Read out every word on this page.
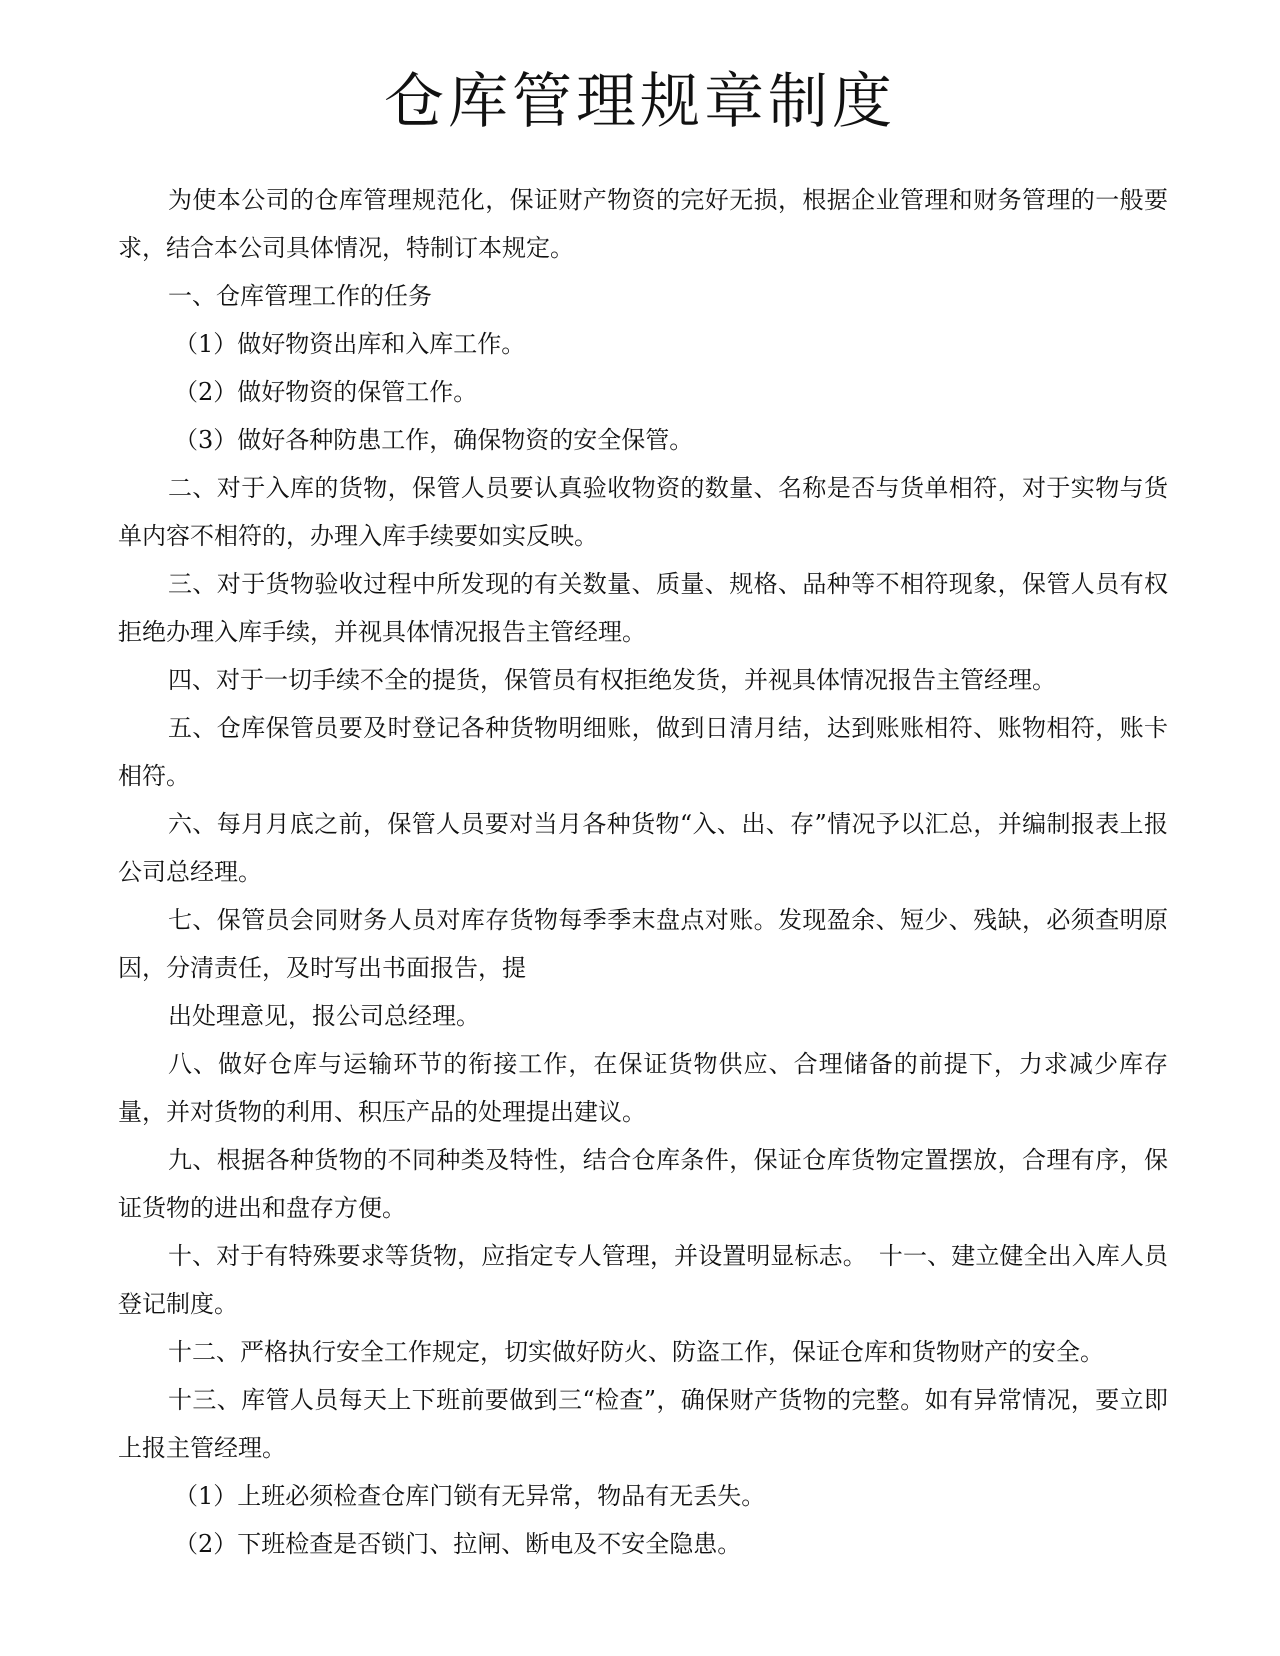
仓库管理规章制度

为使本公司的仓库管理规范化，保证财产物资的完好无损，根据企业管理和财务管理的一般要求，结合本公司具体情况，特制订本规定。

一、仓库管理工作的任务

（1）做好物资出库和入库工作。

（2）做好物资的保管工作。

（3）做好各种防患工作，确保物资的安全保管。

二、对于入库的货物，保管人员要认真验收物资的数量、名称是否与货单相符，对于实物与货单内容不相符的，办理入库手续要如实反映。

三、对于货物验收过程中所发现的有关数量、质量、规格、品种等不相符现象，保管人员有权拒绝办理入库手续，并视具体情况报告主管经理。

四、对于一切手续不全的提货，保管员有权拒绝发货，并视具体情况报告主管经理。

五、仓库保管员要及时登记各种货物明细账，做到日清月结，达到账账相符、账物相符，账卡相符。

六、每月月底之前，保管人员要对当月各种货物“入、出、存”情况予以汇总，并编制报表上报公司总经理。

七、保管员会同财务人员对库存货物每季季末盘点对账。发现盈余、短少、残缺，必须查明原因，分清责任，及时写出书面报告，提

出处理意见，报公司总经理。

八、做好仓库与运输环节的衔接工作，在保证货物供应、合理储备的前提下，力求减少库存量，并对货物的利用、积压产品的处理提出建议。

九、根据各种货物的不同种类及特性，结合仓库条件，保证仓库货物定置摆放，合理有序，保证货物的进出和盘存方便。

十、对于有特殊要求等货物，应指定专人管理，并设置明显标志。　十一、建立健全出入库人员登记制度。

十二、严格执行安全工作规定，切实做好防火、防盗工作，保证仓库和货物财产的安全。

十三、库管人员每天上下班前要做到三“检查”，确保财产货物的完整。如有异常情况，要立即上报主管经理。

（1）上班必须检查仓库门锁有无异常，物品有无丢失。

（2）下班检查是否锁门、拉闸、断电及不安全隐患。
